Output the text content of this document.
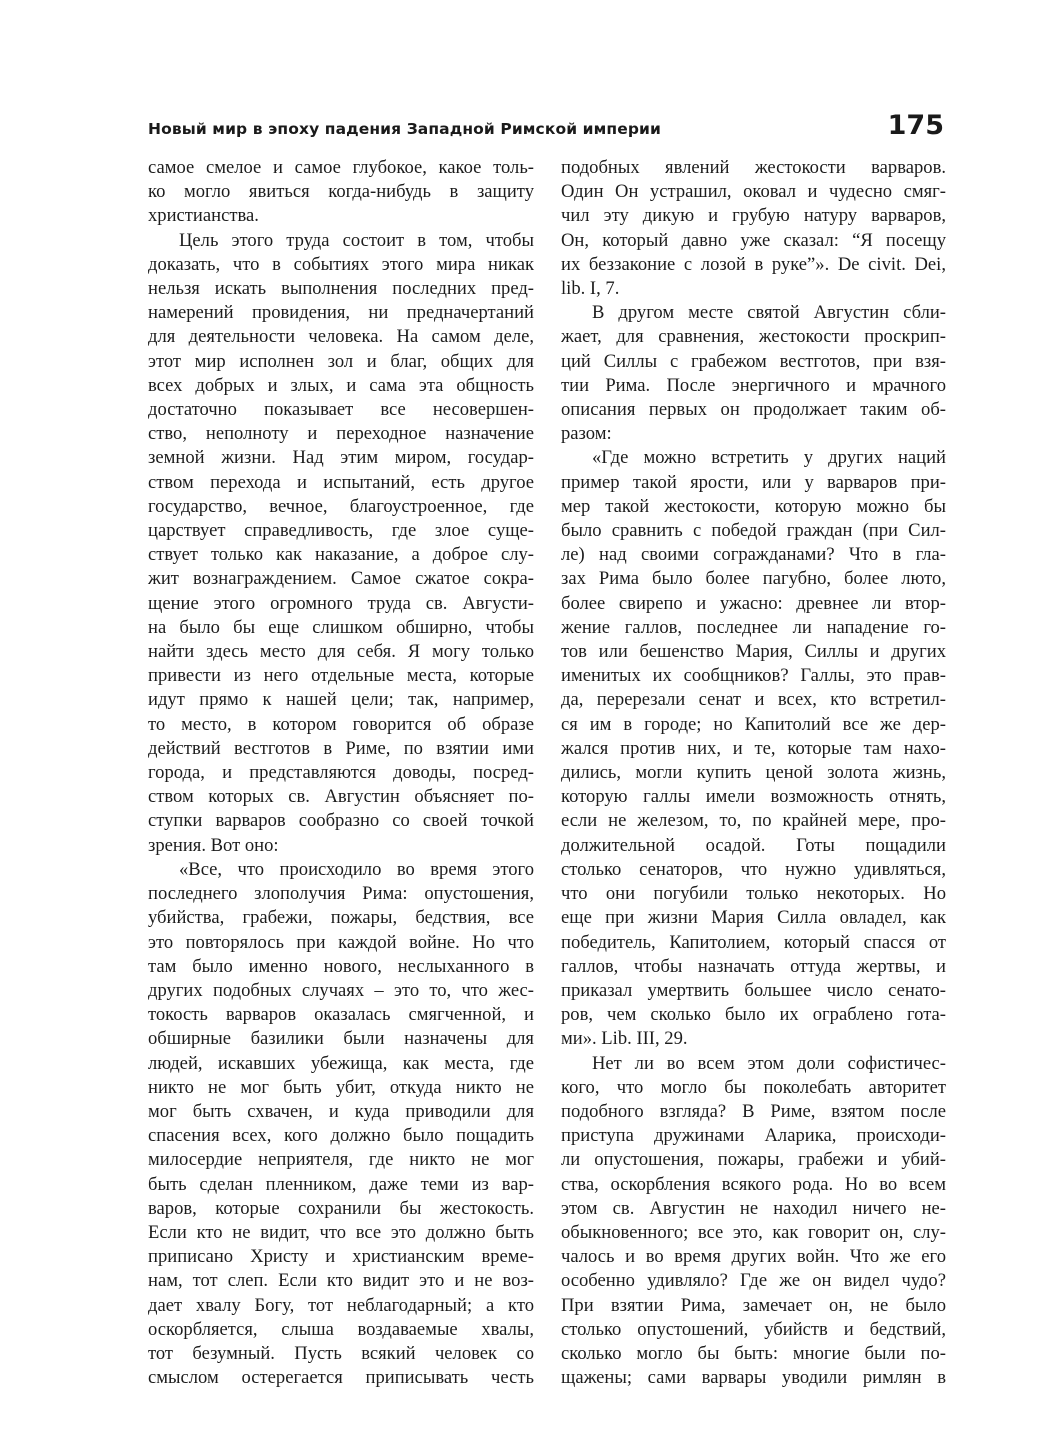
Новый мир в эпоху падения Западной Римской империи	175
самое смелое и самое глубокое, какое толь-
ко могло явиться когда-нибудь в защиту
христианства.
Цель этого труда состоит в том, чтобы
доказать, что в событиях этого мира никак
нельзя искать выполнения последних пред-
намерений провидения, ни предначертаний
для деятельности человека. На самом деле,
этот мир исполнен зол и благ, общих для
всех добрых и злых, и сама эта общность
достаточно показывает все несовершен-
ство, неполноту и переходное назначение
земной жизни. Над этим миром, государ-
ством перехода и испытаний, есть другое
государство, вечное, благоустроенное, где
царствует справедливость, где злое суще-
ствует только как наказание, а доброе слу-
жит вознаграждением. Самое сжатое сокра-
щение этого огромного труда св. Августи-
на было бы еще слишком обширно, чтобы
найти здесь место для себя. Я могу только
привести из него отдельные места, которые
идут прямо к нашей цели; так, например,
то место, в котором говорится об образе
действий вестготов в Риме, по взятии ими
города, и представляются доводы, посред-
ством которых св. Августин объясняет по-
ступки варваров сообразно со своей точкой
зрения. Вот оно:
«Все, что происходило во время этого
последнего злополучия Рима: опустошения,
убийства, грабежи, пожары, бедствия, все
это повторялось при каждой войне. Но что
там было именно нового, неслыханного в
других подобных случаях – это то, что жес-
токость варваров оказалась смягченной, и
обширные базилики были назначены для
людей, искавших убежища, как места, где
никто не мог быть убит, откуда никто не
мог быть схвачен, и куда приводили для
спасения всех, кого должно было пощадить
милосердие неприятеля, где никто не мог
быть сделан пленником, даже теми из вар-
варов, которые сохранили бы жестокость.
Если кто не видит, что все это должно быть
приписано Христу и христианским време-
нам, тот слеп. Если кто видит это и не воз-
дает хвалу Богу, тот неблагодарный; а кто
оскорбляется, слыша воздаваемые хвалы,
тот безумный. Пусть всякий человек со
смыслом остерегается приписывать честь
подобных явлений жестокости варваров.
Один Он устрашил, оковал и чудесно смяг-
чил эту дикую и грубую натуру варваров,
Он, который давно уже сказал: “Я посещу
их беззаконие с лозой в руке”». De civit. Dei,
lib. I, 7.
В другом месте святой Августин сбли-
жает, для сравнения, жестокости проскрип-
ций Силлы с грабежом вестготов, при взя-
тии Рима. После энергичного и мрачного
описания первых он продолжает таким об-
разом:
«Где можно встретить у других наций
пример такой ярости, или у варваров при-
мер такой жестокости, которую можно бы
было сравнить с победой граждан (при Сил-
ле) над своими согражданами? Что в гла-
зах Рима было более пагубно, более люто,
более свирепо и ужасно: древнее ли втор-
жение галлов, последнее ли нападение го-
тов или бешенство Мария, Силлы и других
именитых их сообщников? Галлы, это прав-
да, перерезали сенат и всех, кто встретил-
ся им в городе; но Капитолий все же дер-
жался против них, и те, которые там нахо-
дились, могли купить ценой золота жизнь,
которую галлы имели возможность отнять,
если не железом, то, по крайней мере, про-
должительной осадой. Готы пощадили
столько сенаторов, что нужно удивляться,
что они погубили только некоторых. Но
еще при жизни Мария Силла овладел, как
победитель, Капитолием, который спасся от
галлов, чтобы назначать оттуда жертвы, и
приказал умертвить большее число сенато-
ров, чем сколько было их ограблено гота-
ми». Lib. III, 29.
Нет ли во всем этом доли софистичес-
кого, что могло бы поколебать авторитет
подобного взгляда? В Риме, взятом после
приступа дружинами Аларика, происходи-
ли опустошения, пожары, грабежи и убий-
ства, оскорбления всякого рода. Но во всем
этом св. Августин не находил ничего не-
обыкновенного; все это, как говорит он, слу-
чалось и во время других войн. Что же его
особенно удивляло? Где же он видел чудо?
При взятии Рима, замечает он, не было
столько опустошений, убийств и бедствий,
сколько могло бы быть: многие были по-
щажены; сами варвары уводили римлян в
